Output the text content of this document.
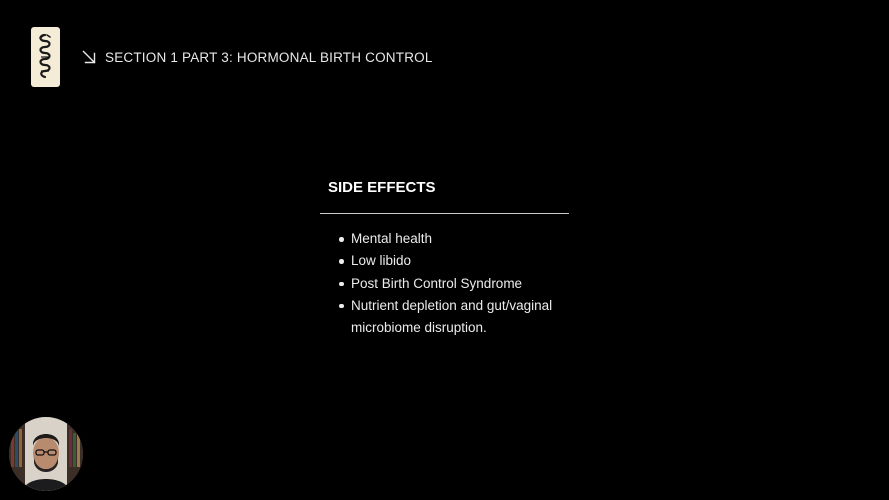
SECTION 1 PART 3: HORMONAL BIRTH CONTROL
SIDE EFFECTS
Mental health
Low libido
Post Birth Control Syndrome
Nutrient depletion and gut/vaginal microbiome disruption.
